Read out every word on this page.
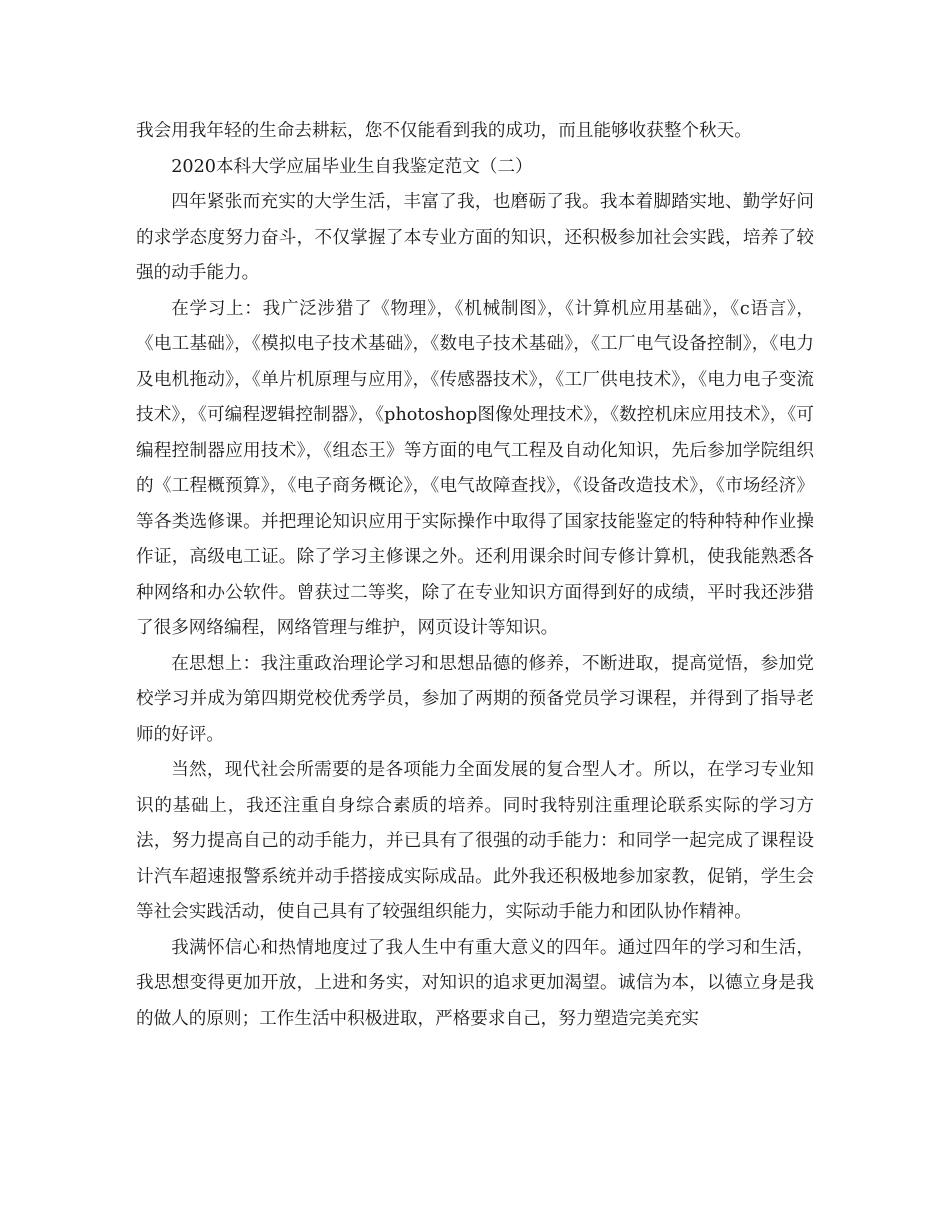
我会用我年轻的生命去耕耘，您不仅能看到我的成功，而且能够收获整个秋天。

2020本科大学应届毕业生自我鉴定范文（二）

四年紧张而充实的大学生活，丰富了我，也磨砺了我。我本着脚踏实地、勤学好问的求学态度努力奋斗，不仅掌握了本专业方面的知识，还积极参加社会实践，培养了较强的动手能力。

在学习上：我广泛涉猎了《物理》，《机械制图》，《计算机应用基础》，《c语言》，《电工基础》，《模拟电子技术基础》，《数电子技术基础》，《工厂电气设备控制》，《电力及电机拖动》，《单片机原理与应用》，《传感器技术》，《工厂供电技术》，《电力电子变流技术》，《可编程逻辑控制器》，《photoshop图像处理技术》，《数控机床应用技术》，《可编程控制器应用技术》，《组态王》等方面的电气工程及自动化知识，先后参加学院组织的《工程概预算》，《电子商务概论》，《电气故障查找》，《设备改造技术》，《市场经济》等各类选修课。并把理论知识应用于实际操作中取得了国家技能鉴定的特种特种作业操作证，高级电工证。除了学习主修课之外。还利用课余时间专修计算机，使我能熟悉各种网络和办公软件。曾获过二等奖，除了在专业知识方面得到好的成绩，平时我还涉猎了很多网络编程，网络管理与维护，网页设计等知识。

在思想上：我注重政治理论学习和思想品德的修养，不断进取，提高觉悟，参加党校学习并成为第四期党校优秀学员，参加了两期的预备党员学习课程，并得到了指导老师的好评。

当然，现代社会所需要的是各项能力全面发展的复合型人才。所以，在学习专业知识的基础上，我还注重自身综合素质的培养。同时我特别注重理论联系实际的学习方法，努力提高自己的动手能力，并已具有了很强的动手能力：和同学一起完成了课程设计汽车超速报警系统并动手搭接成实际成品。此外我还积极地参加家教，促销，学生会等社会实践活动，使自己具有了较强组织能力，实际动手能力和团队协作精神。

我满怀信心和热情地度过了我人生中有重大意义的四年。通过四年的学习和生活，我思想变得更加开放，上进和务实，对知识的追求更加渴望。诚信为本，以德立身是我的做人的原则；工作生活中积极进取，严格要求自己，努力塑造完美充实
